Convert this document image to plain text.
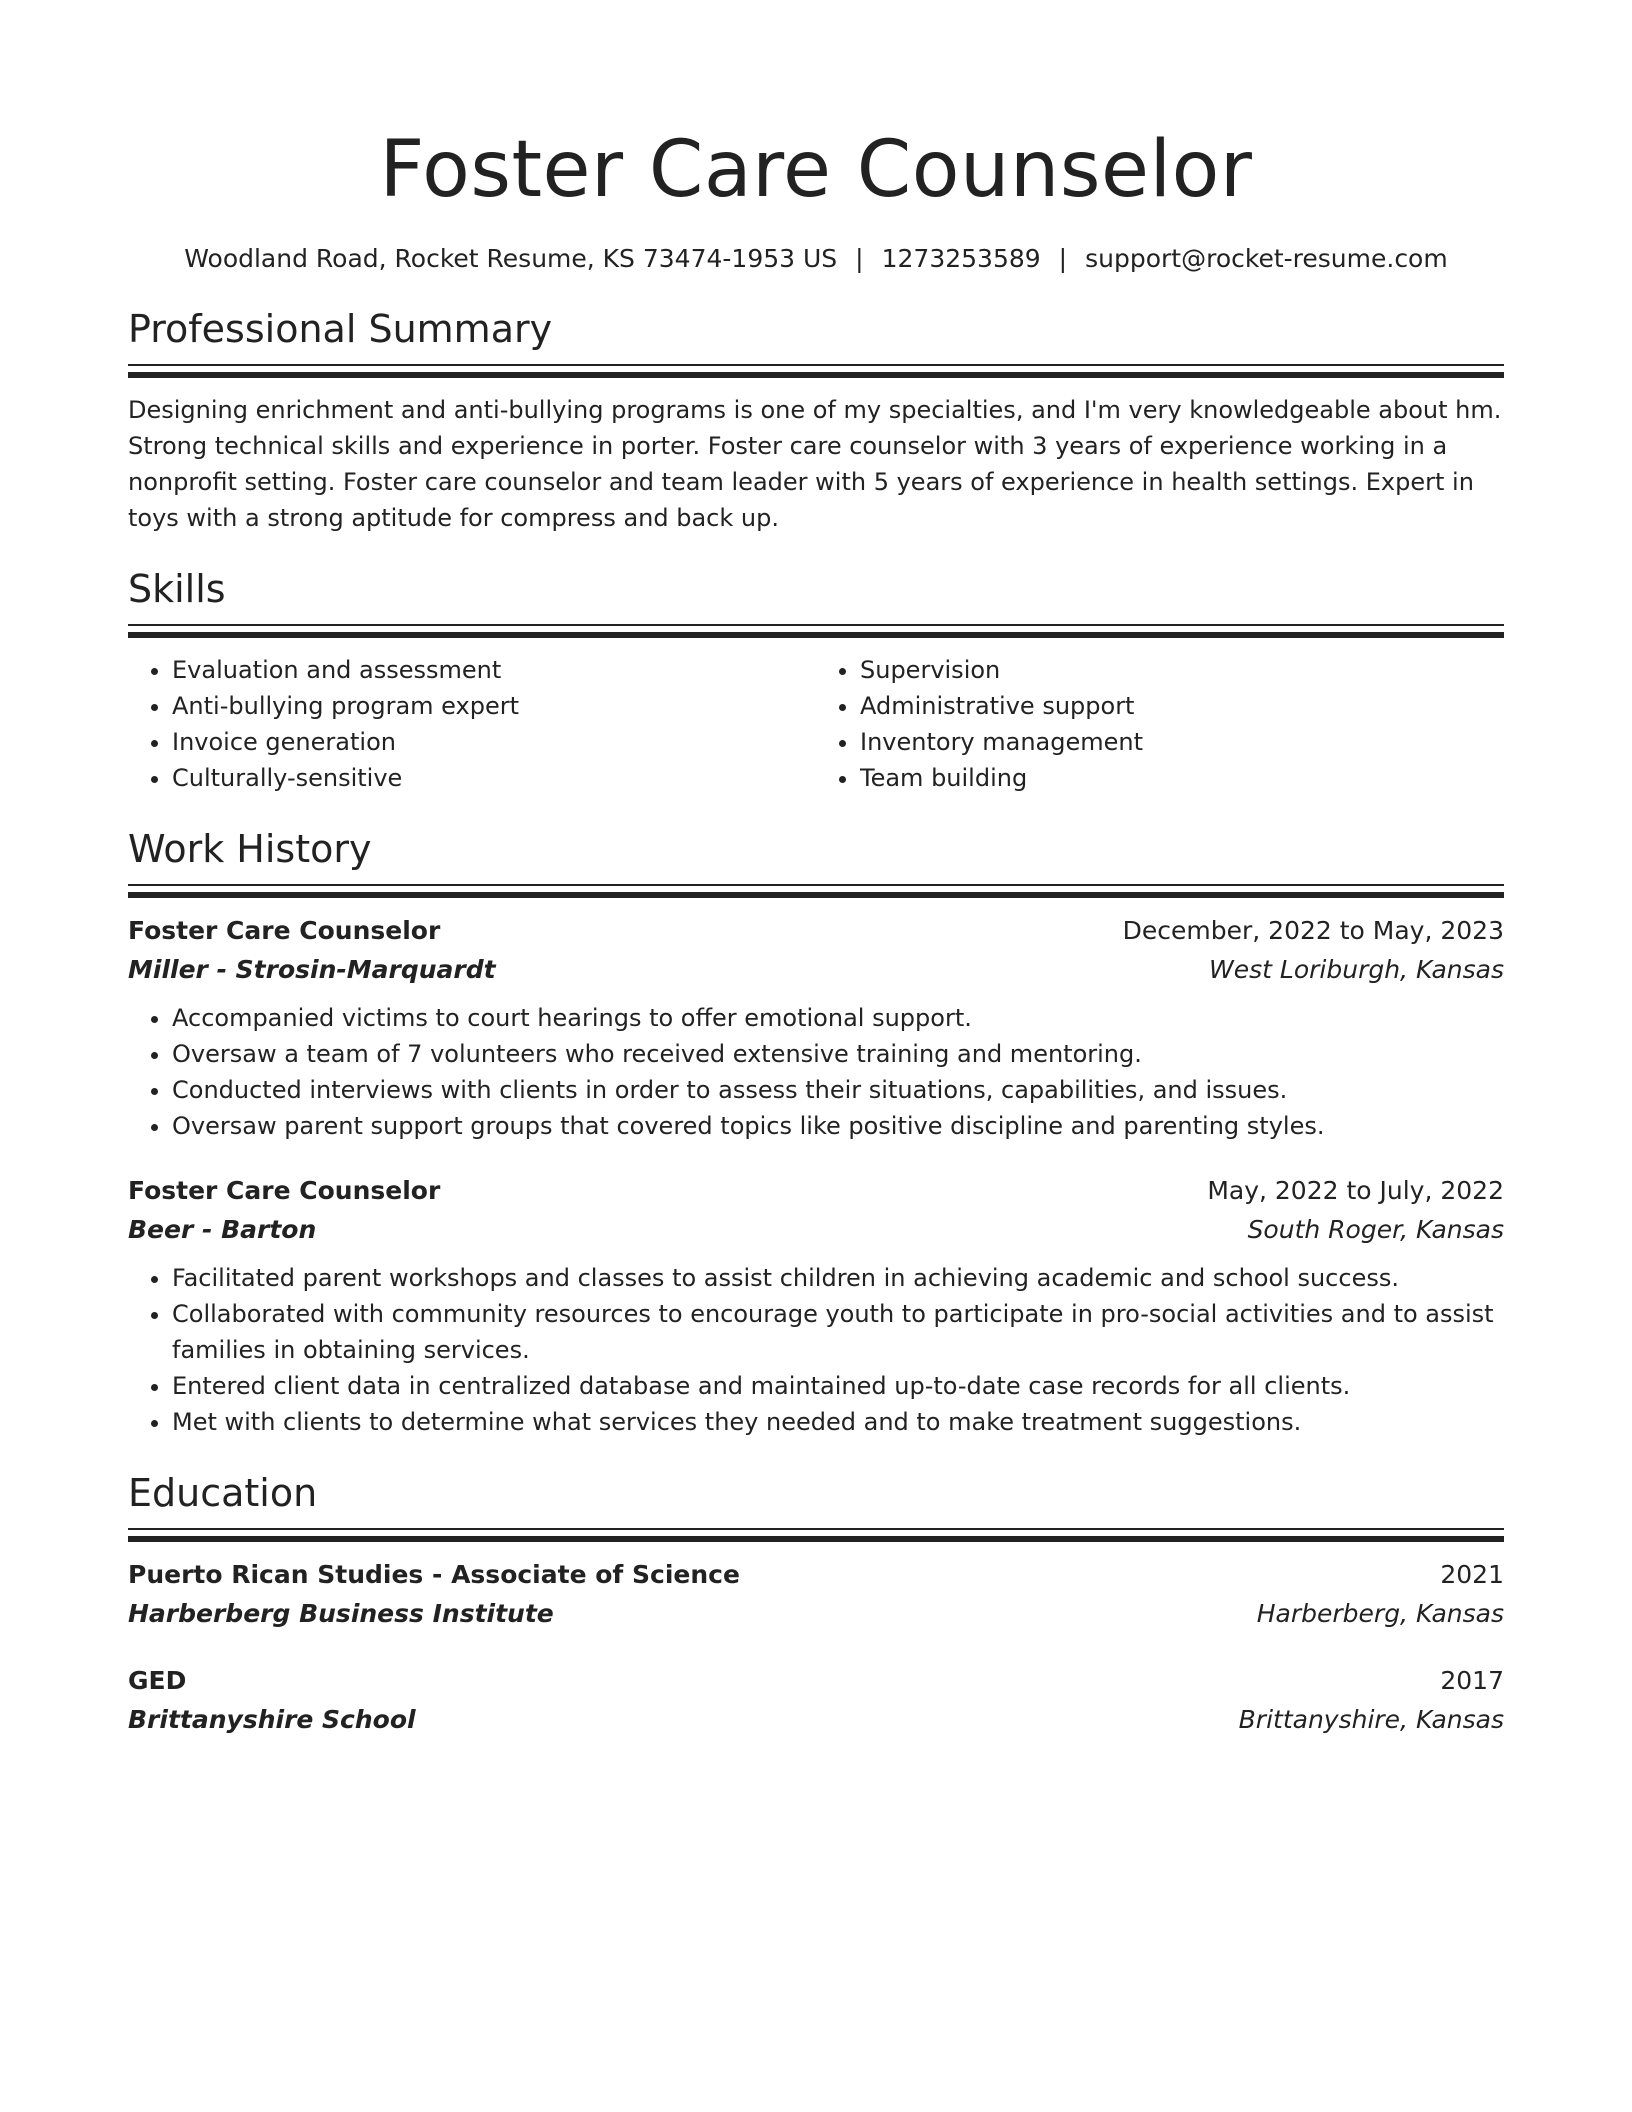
Foster Care Counselor
Woodland Road, Rocket Resume, KS 73474-1953 US | 1273253589 | support@rocket-resume.com
Professional Summary
Designing enrichment and anti-bullying programs is one of my specialties, and I'm very knowledgeable about hm. Strong technical skills and experience in porter. Foster care counselor with 3 years of experience working in a nonprofit setting. Foster care counselor and team leader with 5 years of experience in health settings. Expert in toys with a strong aptitude for compress and back up.
Skills
• Evaluation and assessment
• Anti-bullying program expert
• Invoice generation
• Culturally-sensitive
• Supervision
• Administrative support
• Inventory management
• Team building
Work History
Foster Care Counselor	December, 2022 to May, 2023
Miller - Strosin-Marquardt	West Loriburgh, Kansas
• Accompanied victims to court hearings to offer emotional support.
• Oversaw a team of 7 volunteers who received extensive training and mentoring.
• Conducted interviews with clients in order to assess their situations, capabilities, and issues.
• Oversaw parent support groups that covered topics like positive discipline and parenting styles.
Foster Care Counselor	May, 2022 to July, 2022
Beer - Barton	South Roger, Kansas
• Facilitated parent workshops and classes to assist children in achieving academic and school success.
• Collaborated with community resources to encourage youth to participate in pro-social activities and to assist families in obtaining services.
• Entered client data in centralized database and maintained up-to-date case records for all clients.
• Met with clients to determine what services they needed and to make treatment suggestions.
Education
Puerto Rican Studies - Associate of Science	2021
Harberberg Business Institute	Harberberg, Kansas
GED	2017
Brittanyshire School	Brittanyshire, Kansas
